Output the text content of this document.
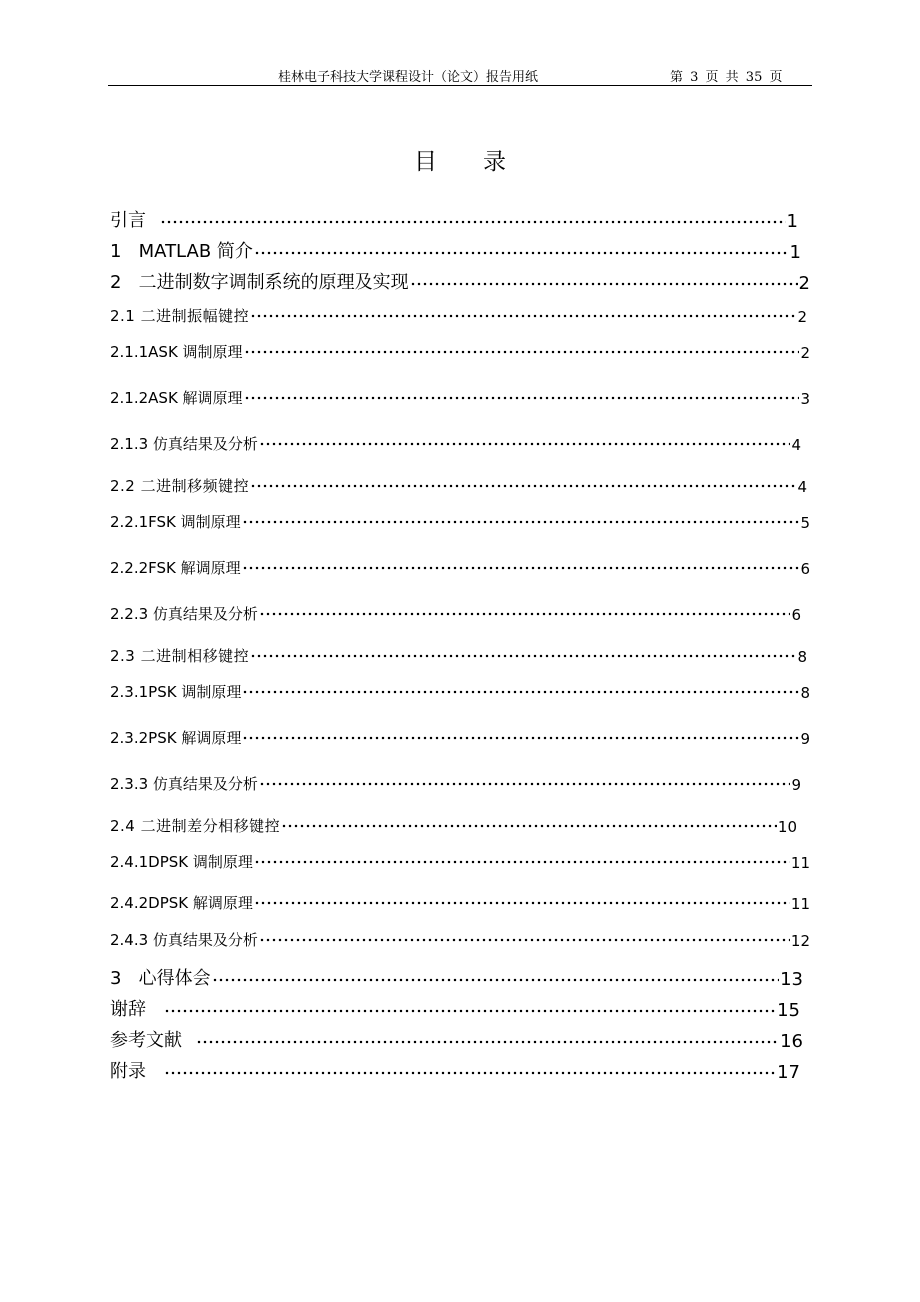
桂林电子科技大学课程设计（论文）报告用纸	第 3 页 共 35 页
目录
引言	1
1   MATLAB 简介	1
2   二进制数字调制系统的原理及实现	2
2.1 二进制振幅键控	2
2.1.1ASK 调制原理	2
2.1.2ASK 解调原理	3
2.1.3 仿真结果及分析	4
2.2 二进制移频键控	4
2.2.1FSK 调制原理	5
2.2.2FSK 解调原理	6
2.2.3 仿真结果及分析	6
2.3 二进制相移键控	8
2.3.1PSK 调制原理	8
2.3.2PSK 解调原理	9
2.3.3 仿真结果及分析	9
2.4 二进制差分相移键控	10
2.4.1DPSK 调制原理	11
2.4.2DPSK 解调原理	11
2.4.3 仿真结果及分析	12
3   心得体会	13
谢辞	15
参考文献	16
附录	17
